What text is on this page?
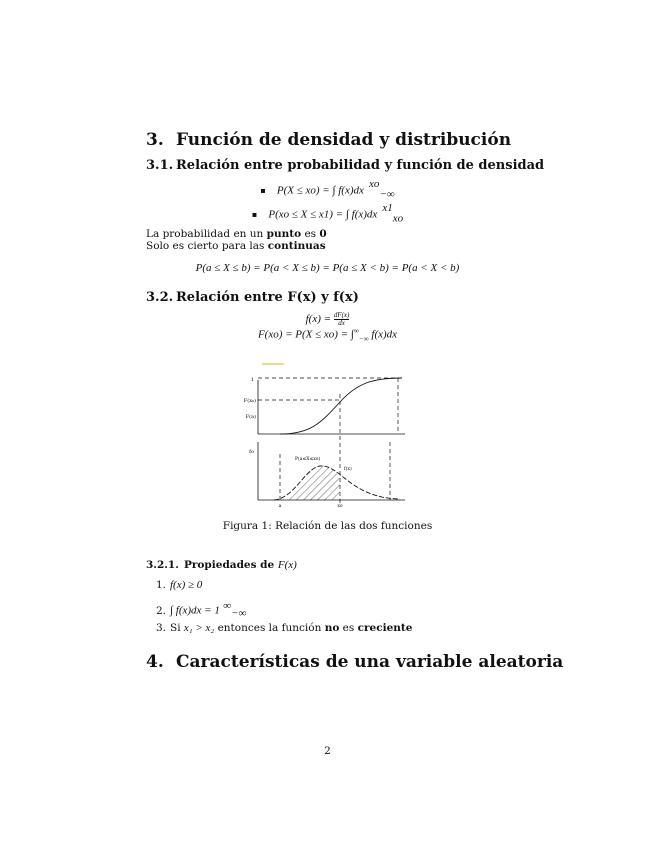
3. Función de densidad y distribución
3.1. Relación entre probabilidad y función de densidad
▪ P(X ≤ xo) = ∫ f(x)dx $^{xo}_{-\infty}$
▪ P(xo ≤ X ≤ x1) = ∫ f(x)dx $^{x1}_{xo}$
La probabilidad en un punto es 0
Solo es cierto para las continuas
P(a ≤ X ≤ b) = P(a < X ≤ b) = P(a ≤ X < b) = P(a < X < b)
3.2. Relación entre F(x) y f(x)
$f(x) = \frac{dF(x)}{dx}$
$F(xo) = P(X \le xo) = \int^\infty_{-\infty}$ f(x)dx
1
F(x₀)
F(a)
fo
P(a≤X≤xo)
f(x)
a	xo
Figura 1: Relación de las dos funciones
3.2.1. Propiedades de F(x)
1. f(x) ≥ 0
2. ∫ f(x)dx = 1 ∞$_{-\infty}$
3. Si x₁ > x₂ entonces la función no es creciente
4. Características de una variable aleatoria
2
